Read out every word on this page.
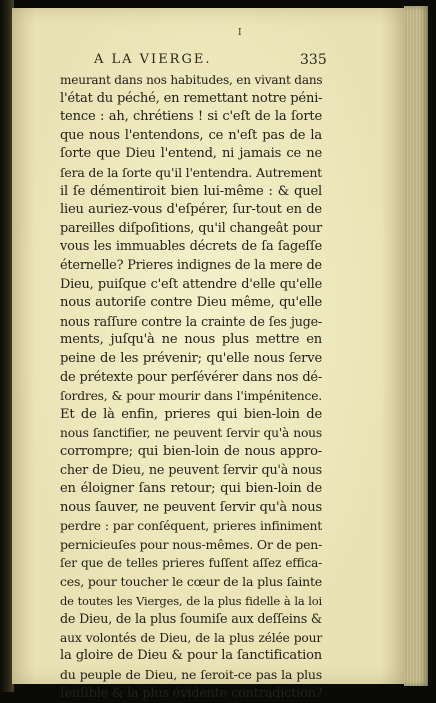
I

A LA VIERGE.	335

meurant dans nos habitudes, en vivant dans

l'état du péché, en remettant notre péni-

tence : ah, chrétiens ! si c'eſt de la ſorte

que nous l'entendons, ce n'eſt pas de la

ſorte que Dieu l'entend, ni jamais ce ne

ſera de la ſorte qu'il l'entendra. Autrement

il ſe démentiroit bien lui-même : & quel

lieu auriez-vous d'eſpérer, ſur-tout en de

pareilles diſpoſitions, qu'il changeât pour

vous les immuables décrets de ſa ſageſſe

éternelle? Prieres indignes de la mere de

Dieu, puiſque c'eſt attendre d'elle qu'elle

nous autoriſe contre Dieu même, qu'elle

nous raſſure contre la crainte de ſes juge-

ments, juſqu'à ne nous plus mettre en

peine de les prévenir; qu'elle nous ſerve

de prétexte pour perſévérer dans nos dé-

ſordres, & pour mourir dans l'impénitence.

Et de là enfin, prieres qui bien-loin de

nous ſanctifier, ne peuvent ſervir qu'à nous

corrompre; qui bien-loin de nous appro-

cher de Dieu, ne peuvent ſervir qu'à nous

en éloigner ſans retour; qui bien-loin de

nous ſauver, ne peuvent ſervir qu'à nous

perdre : par conſéquent, prieres infiniment

pernicieuſes pour nous-mêmes. Or de pen-

ſer que de telles prieres fuſſent aſſez effica-

ces, pour toucher le cœur de la plus ſainte

de toutes les Vierges, de la plus fidelle à la loi

de Dieu, de la plus ſoumiſe aux deſſeins &

aux volontés de Dieu, de la plus zélée pour

la gloire de Dieu & pour la ſanctification

du peuple de Dieu, ne ſeroit-ce pas la plus

ſenſible & la plus évidente contradiction?
